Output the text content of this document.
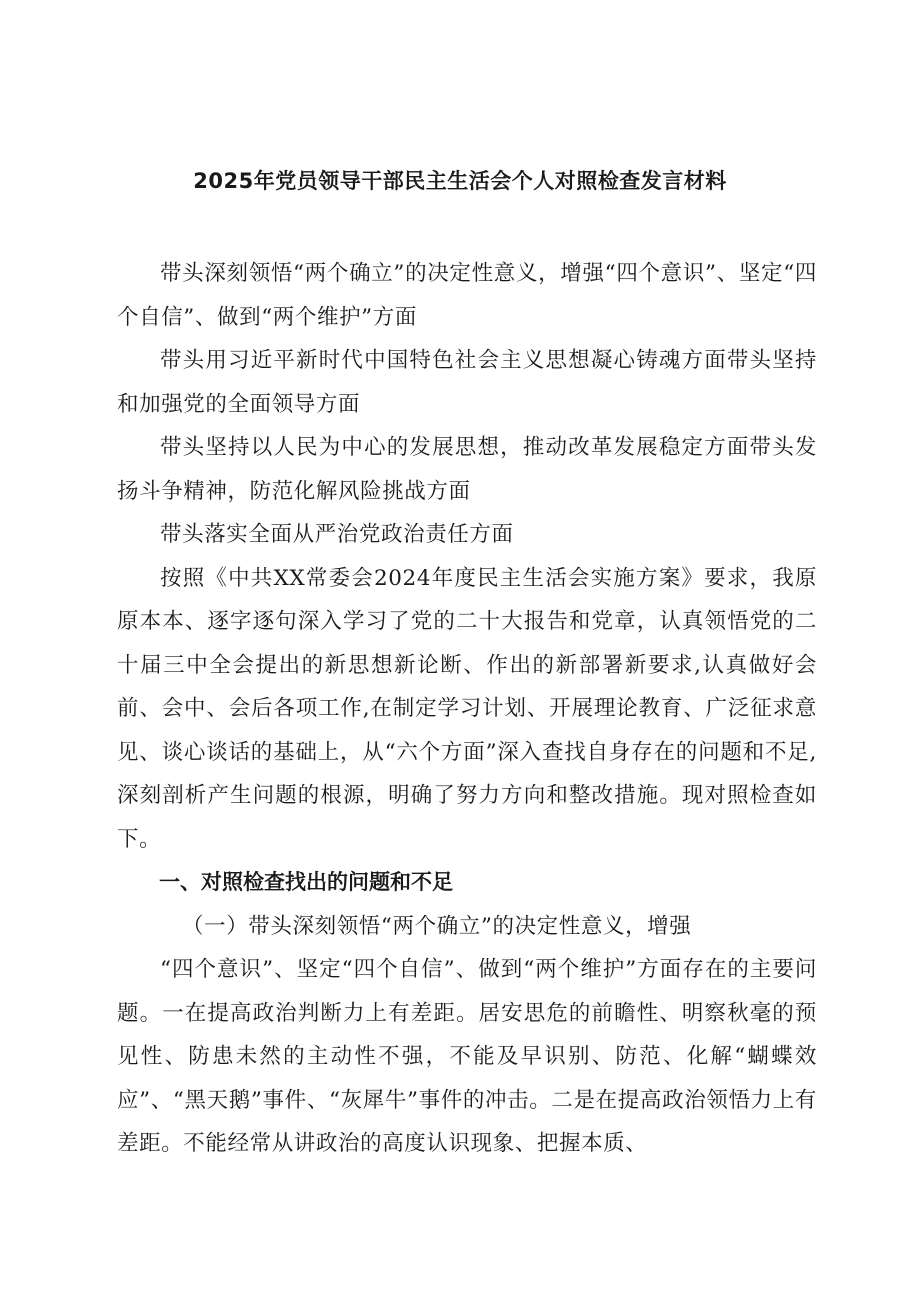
2025年党员领导干部民主生活会个人对照检查发言材料

带头深刻领悟“两个确立”的决定性意义，增强“四个意识”、坚定“四个自信”、做到“两个维护”方面

带头用习近平新时代中国特色社会主义思想凝心铸魂方面带头坚持和加强党的全面领导方面

带头坚持以人民为中心的发展思想，推动改革发展稳定方面带头发扬斗争精神，防范化解风险挑战方面

带头落实全面从严治党政治责任方面

按照《中共XX常委会2024年度民主生活会实施方案》要求，我原原本本、逐字逐句深入学习了党的二十大报告和党章，认真领悟党的二十届三中全会提出的新思想新论断、作出的新部署新要求,认真做好会前、会中、会后各项工作,在制定学习计划、开展理论教育、广泛征求意见、谈心谈话的基础上，从“六个方面”深入查找自身存在的问题和不足,深刻剖析产生问题的根源，明确了努力方向和整改措施。现对照检查如下。

一、对照检查找出的问题和不足

（一）带头深刻领悟“两个确立”的决定性意义，增强

“四个意识”、坚定“四个自信”、做到“两个维护”方面存在的主要问题。一在提高政治判断力上有差距。居安思危的前瞻性、明察秋毫的预见性、防患未然的主动性不强，不能及早识别、防范、化解“蝴蝶效应”、“黑天鹅”事件、“灰犀牛”事件的冲击。二是在提高政治领悟力上有差距。不能经常从讲政治的高度认识现象、把握本质、
